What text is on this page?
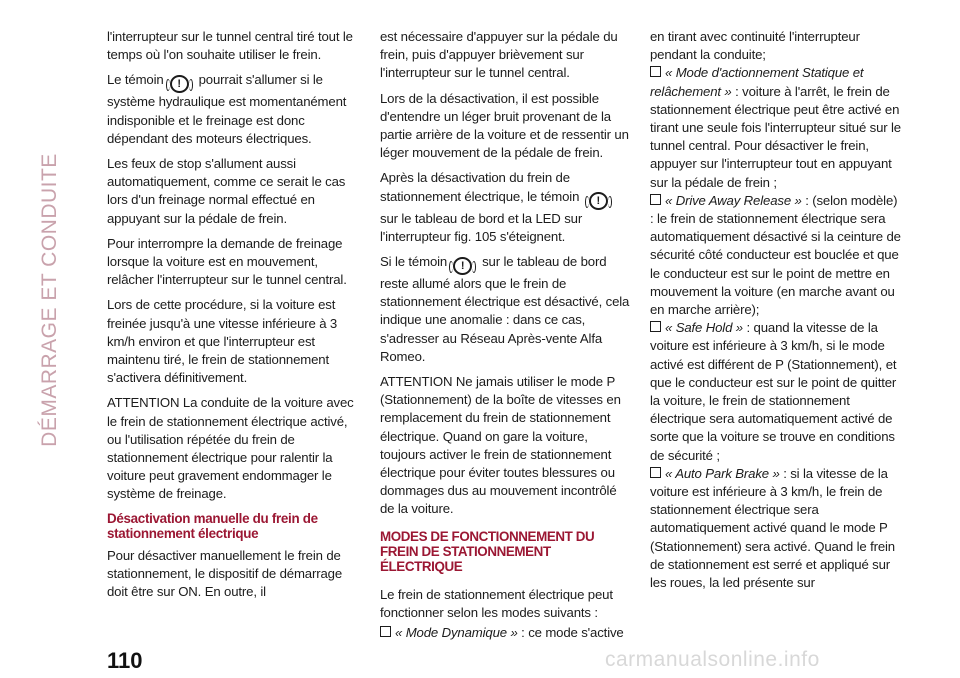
DÉMARRAGE ET CONDUITE

l'interrupteur sur le tunnel central tiré tout le temps où l'on souhaite utiliser le frein.

Le témoin ! pourrait s'allumer si le système hydraulique est momentanément indisponible et le freinage est donc dépendant des moteurs électriques.

Les feux de stop s'allument aussi automatiquement, comme ce serait le cas lors d'un freinage normal effectué en appuyant sur la pédale de frein.

Pour interrompre la demande de freinage lorsque la voiture est en mouvement, relâcher l'interrupteur sur le tunnel central.

Lors de cette procédure, si la voiture est freinée jusqu'à une vitesse inférieure à 3 km/h environ et que l'interrupteur est maintenu tiré, le frein de stationnement s'activera définitivement.

ATTENTION La conduite de la voiture avec le frein de stationnement électrique activé, ou l'utilisation répétée du frein de stationnement électrique pour ralentir la voiture peut gravement endommager le système de freinage.

Désactivation manuelle du frein de stationnement électrique

Pour désactiver manuellement le frein de stationnement, le dispositif de démarrage doit être sur ON. En outre, il

est nécessaire d'appuyer sur la pédale du frein, puis d'appuyer brièvement sur l'interrupteur sur le tunnel central.

Lors de la désactivation, il est possible d'entendre un léger bruit provenant de la partie arrière de la voiture et de ressentir un léger mouvement de la pédale de frein.

Après la désactivation du frein de stationnement électrique, le témoin !sur le tableau de bord et la LED sur l'interrupteur fig. 105 s'éteignent.

Si le témoin ! sur le tableau de bord reste allumé alors que le frein de stationnement électrique est désactivé, cela indique une anomalie : dans ce cas, s'adresser au Réseau Après-vente Alfa Romeo.

ATTENTION Ne jamais utiliser le mode P (Stationnement) de la boîte de vitesses en remplacement du frein de stationnement électrique. Quand on gare la voiture, toujours activer le frein de stationnement électrique pour éviter toutes blessures ou dommages dus au mouvement incontrôlé de la voiture.

MODES DE FONCTIONNEMENT DU FREIN DE STATIONNEMENT ÉLECTRIQUE

Le frein de stationnement électrique peut fonctionner selon les modes suivants :

« Mode Dynamique » : ce mode s'active

en tirant avec continuité l'interrupteur pendant la conduite;

« Mode d'actionnement Statique et relâchement » : voiture à l'arrêt, le frein de stationnement électrique peut être activé en tirant une seule fois l'interrupteur situé sur le tunnel central. Pour désactiver le frein, appuyer sur l'interrupteur tout en appuyant sur la pédale de frein ;

« Drive Away Release » : (selon modèle) : le frein de stationnement électrique sera automatiquement désactivé si la ceinture de sécurité côté conducteur est bouclée et que le conducteur est sur le point de mettre en mouvement la voiture (en marche avant ou en marche arrière);

« Safe Hold » : quand la vitesse de la voiture est inférieure à 3 km/h, si le mode activé est différent de P (Stationnement), et que le conducteur est sur le point de quitter la voiture, le frein de stationnement électrique sera automatiquement activé de sorte que la voiture se trouve en conditions de sécurité ;

« Auto Park Brake » : si la vitesse de la voiture est inférieure à 3 km/h, le frein de stationnement électrique sera automatiquement activé quand le mode P (Stationnement) sera activé. Quand le frein de stationnement est serré et appliqué sur les roues, la led présente sur

110	carmanualsonline.info
